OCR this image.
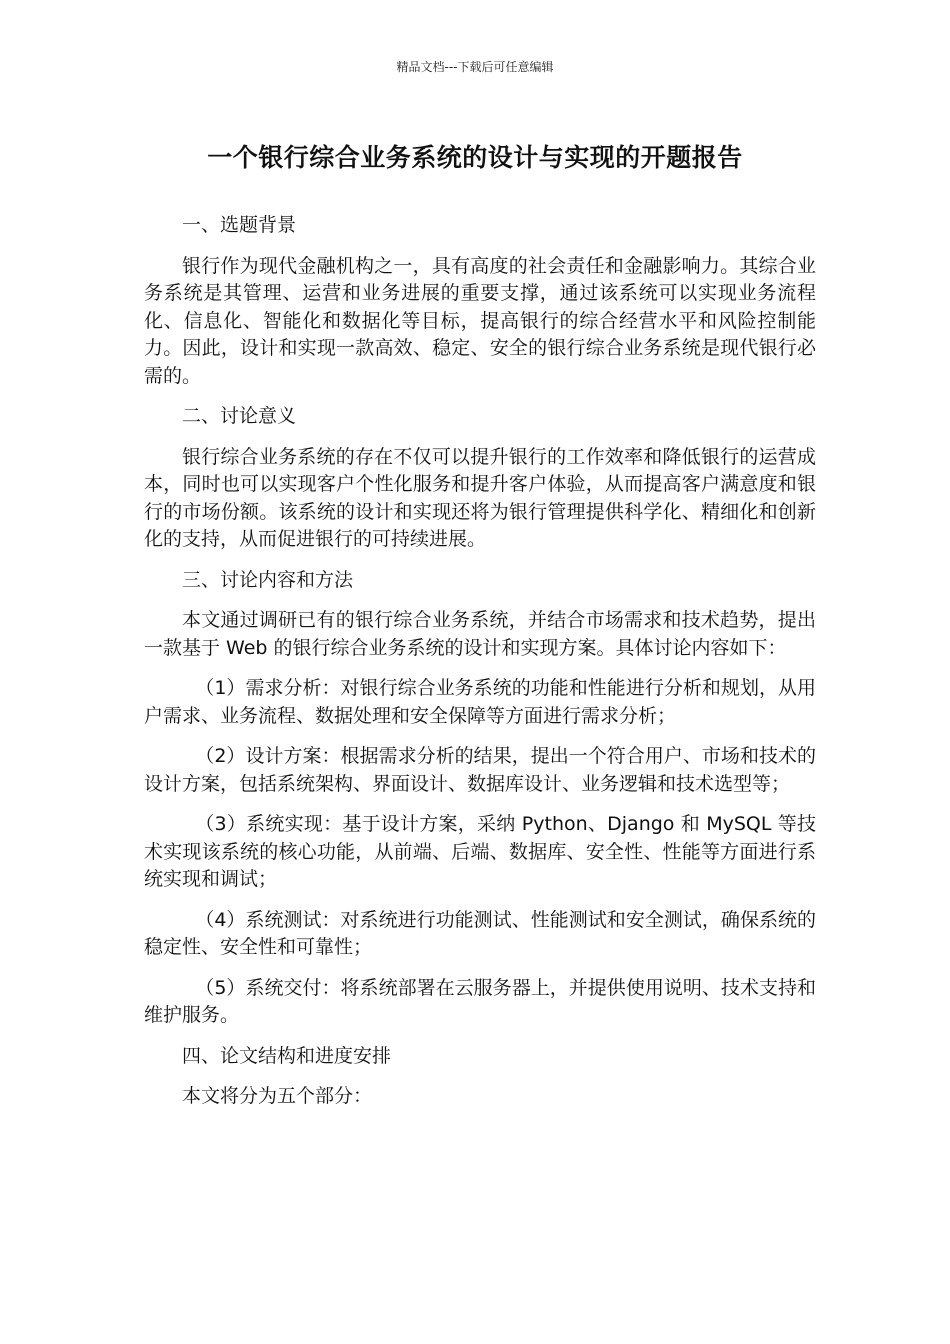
精品文档---下载后可任意编辑
一个银行综合业务系统的设计与实现的开题报告

一、选题背景

银行作为现代金融机构之一，具有高度的社会责任和金融影响力。其综合业务系统是其管理、运营和业务进展的重要支撑，通过该系统可以实现业务流程化、信息化、智能化和数据化等目标，提高银行的综合经营水平和风险控制能力。因此，设计和实现一款高效、稳定、安全的银行综合业务系统是现代银行必需的。

二、讨论意义

银行综合业务系统的存在不仅可以提升银行的工作效率和降低银行的运营成本，同时也可以实现客户个性化服务和提升客户体验，从而提高客户满意度和银行的市场份额。该系统的设计和实现还将为银行管理提供科学化、精细化和创新化的支持，从而促进银行的可持续进展。

三、讨论内容和方法

本文通过调研已有的银行综合业务系统，并结合市场需求和技术趋势，提出一款基于 Web 的银行综合业务系统的设计和实现方案。具体讨论内容如下：

（1）需求分析：对银行综合业务系统的功能和性能进行分析和规划，从用户需求、业务流程、数据处理和安全保障等方面进行需求分析；

（2）设计方案：根据需求分析的结果，提出一个符合用户、市场和技术的设计方案，包括系统架构、界面设计、数据库设计、业务逻辑和技术选型等；

（3）系统实现：基于设计方案，采纳 Python、Django 和 MySQL 等技术实现该系统的核心功能，从前端、后端、数据库、安全性、性能等方面进行系统实现和调试；

（4）系统测试：对系统进行功能测试、性能测试和安全测试，确保系统的稳定性、安全性和可靠性；

（5）系统交付：将系统部署在云服务器上，并提供使用说明、技术支持和维护服务。

四、论文结构和进度安排

本文将分为五个部分：
